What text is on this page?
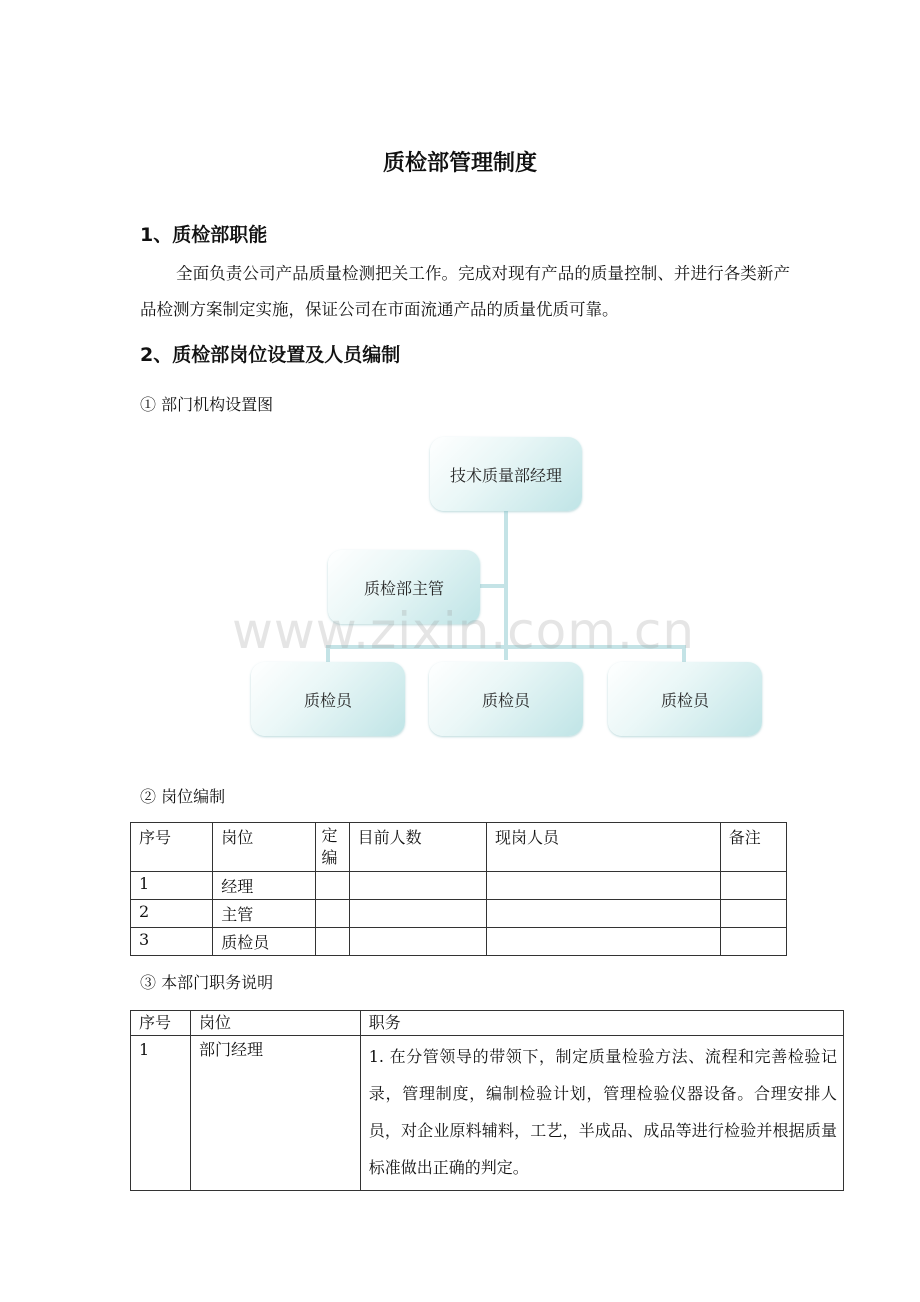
质检部管理制度
1、质检部职能
全面负责公司产品质量检测把关工作。完成对现有产品的质量控制、并进行各类新产品检测方案制定实施，保证公司在市面流通产品的质量优质可靠。
2、质检部岗位设置及人员编制
① 部门机构设置图
技术质量部经理
质检部主管
质检员	质检员	质检员
www.zixin.com.cn
② 岗位编制
序号	岗位	定编	目前人数	现岗人员	备注
1	经理				
2	主管				
3	质检员				
③ 本部门职务说明
序号	岗位	职务
1	部门经理	1. 在分管领导的带领下，制定质量检验方法、流程和完善检验记录，管理制度，编制检验计划，管理检验仪器设备。合理安排人员，对企业原料辅料，工艺，半成品、成品等进行检验并根据质量标准做出正确的判定。
